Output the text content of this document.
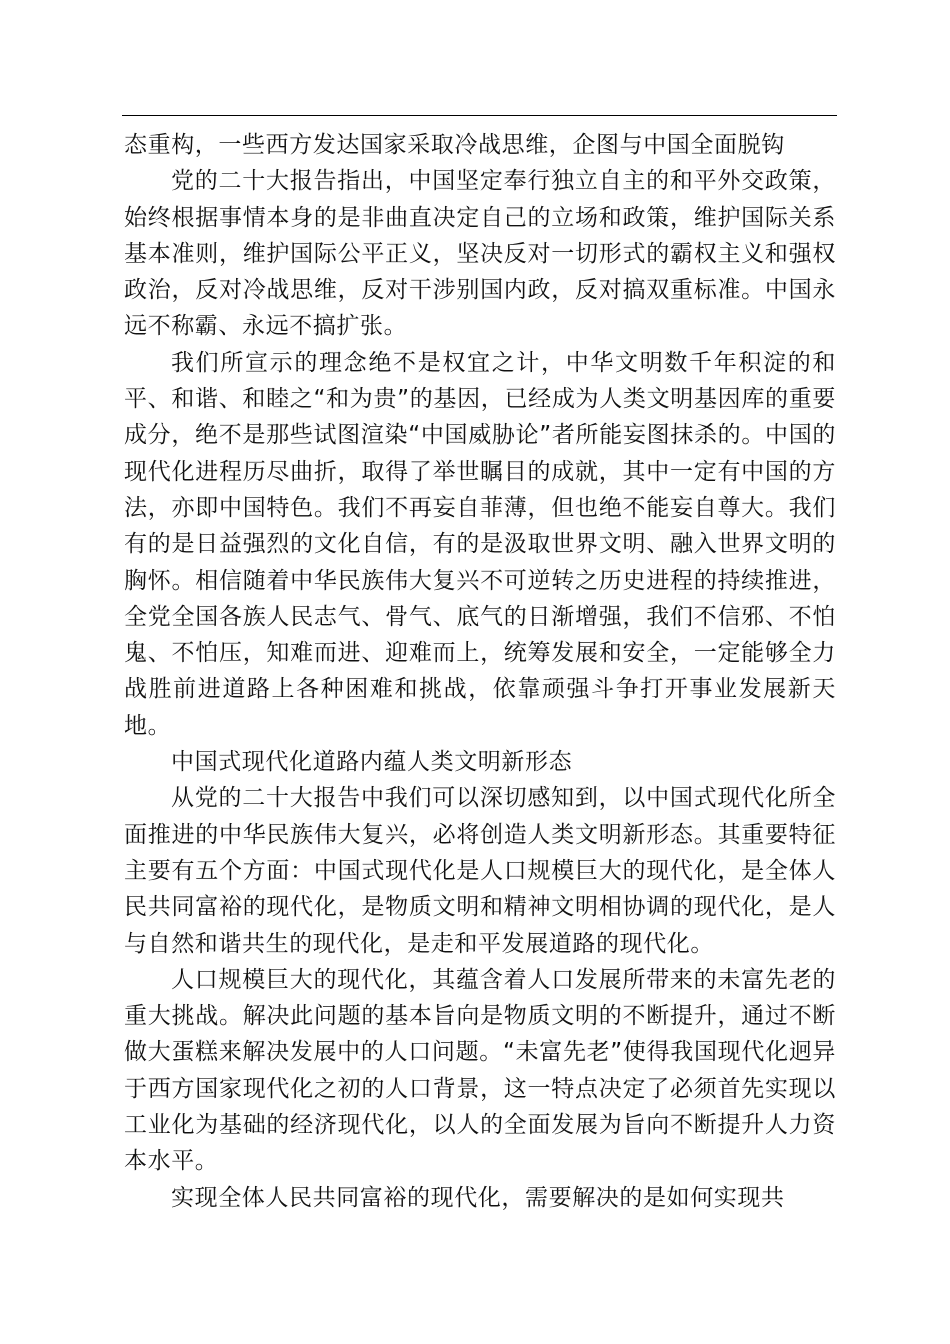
态重构，一些西方发达国家采取冷战思维，企图与中国全面脱钩

党的二十大报告指出，中国坚定奉行独立自主的和平外交政策，始终根据事情本身的是非曲直决定自己的立场和政策，维护国际关系基本准则，维护国际公平正义，坚决反对一切形式的霸权主义和强权政治，反对冷战思维，反对干涉别国内政，反对搞双重标准。中国永远不称霸、永远不搞扩张。

我们所宣示的理念绝不是权宜之计，中华文明数千年积淀的和平、和谐、和睦之“和为贵”的基因，已经成为人类文明基因库的重要成分，绝不是那些试图渲染“中国威胁论”者所能妄图抹杀的。中国的现代化进程历尽曲折，取得了举世瞩目的成就，其中一定有中国的方法，亦即中国特色。我们不再妄自菲薄，但也绝不能妄自尊大。我们有的是日益强烈的文化自信，有的是汲取世界文明、融入世界文明的胸怀。相信随着中华民族伟大复兴不可逆转之历史进程的持续推进，全党全国各族人民志气、骨气、底气的日渐增强，我们不信邪、不怕鬼、不怕压，知难而进、迎难而上，统筹发展和安全，一定能够全力战胜前进道路上各种困难和挑战，依靠顽强斗争打开事业发展新天地。

中国式现代化道路内蕴人类文明新形态

从党的二十大报告中我们可以深切感知到，以中国式现代化所全面推进的中华民族伟大复兴，必将创造人类文明新形态。其重要特征主要有五个方面：中国式现代化是人口规模巨大的现代化，是全体人民共同富裕的现代化，是物质文明和精神文明相协调的现代化，是人与自然和谐共生的现代化，是走和平发展道路的现代化。

人口规模巨大的现代化，其蕴含着人口发展所带来的未富先老的重大挑战。解决此问题的基本旨向是物质文明的不断提升，通过不断做大蛋糕来解决发展中的人口问题。“未富先老”使得我国现代化迥异于西方国家现代化之初的人口背景，这一特点决定了必须首先实现以工业化为基础的经济现代化，以人的全面发展为旨向不断提升人力资本水平。

实现全体人民共同富裕的现代化，需要解决的是如何实现共
